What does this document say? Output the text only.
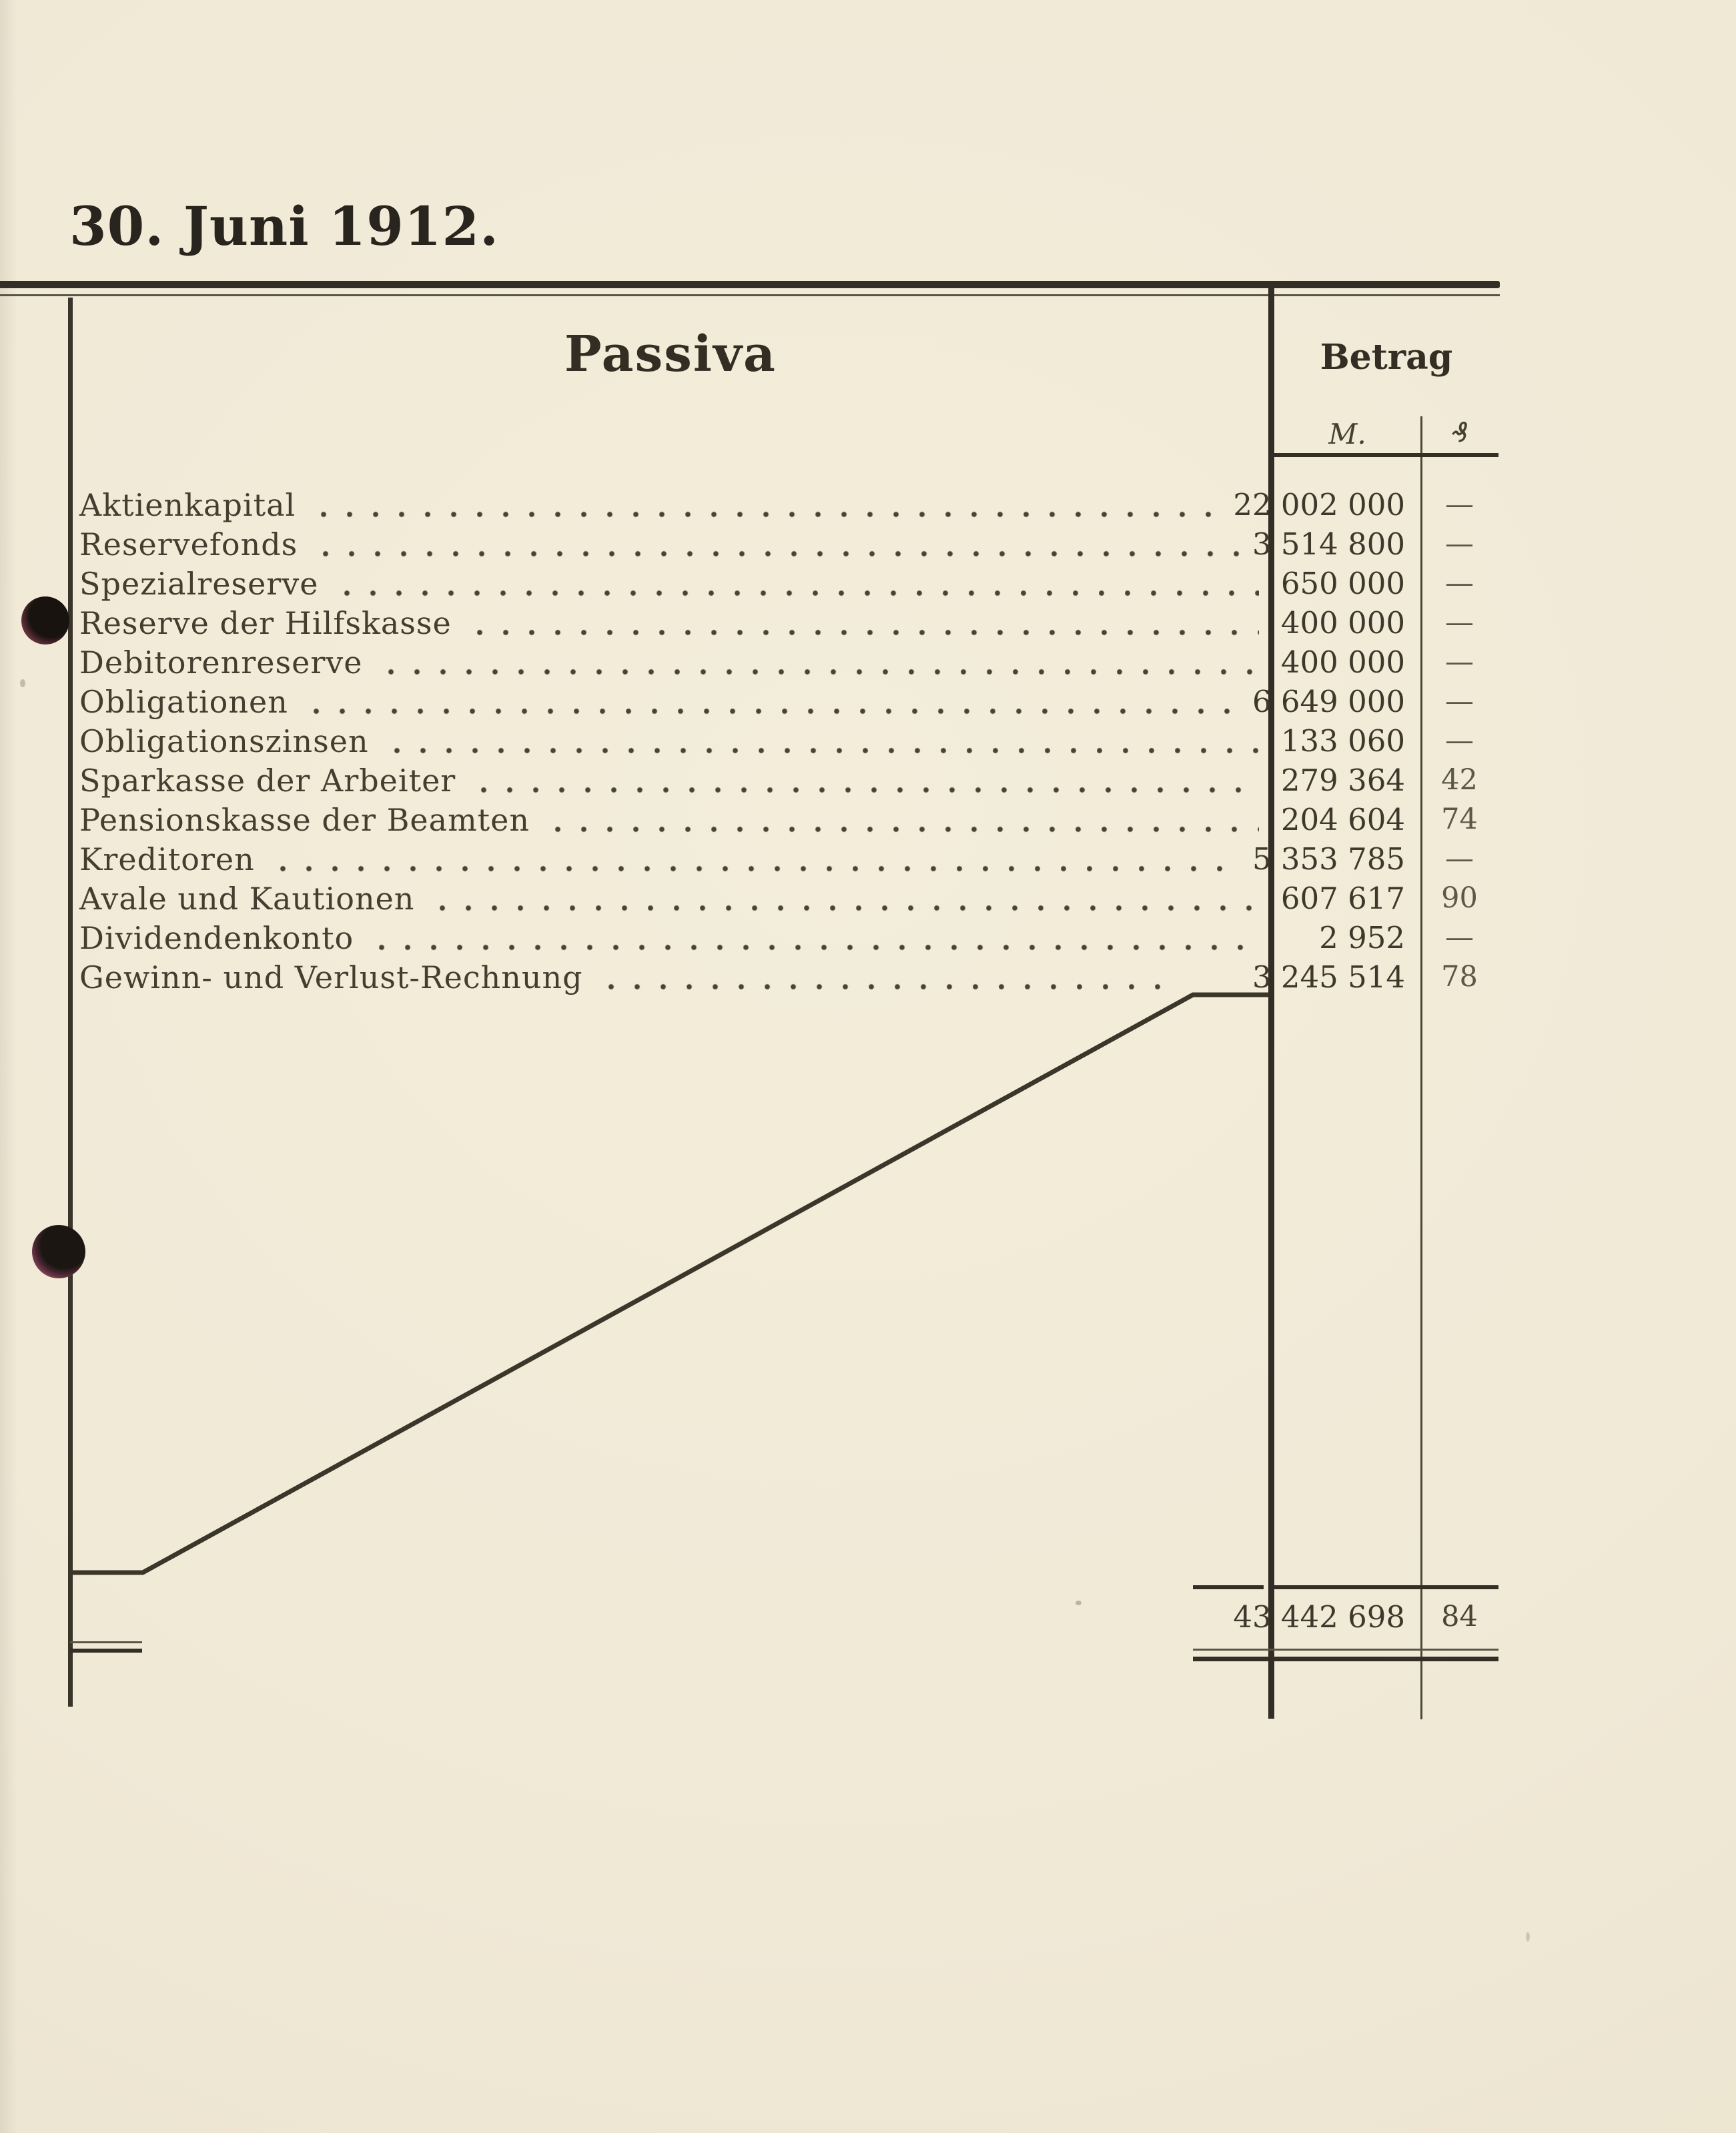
30. Juni 1912.
Passiva	Betrag
M.	₰
Aktienkapital	22 002 000	—
Reservefonds	3 514 800	—
Spezialreserve	650 000	—
Reserve der Hilfskasse	400 000	—
Debitorenreserve	400 000	—
Obligationen	6 649 000	—
Obligationszinsen	133 060	—
Sparkasse der Arbeiter	279 364	42
Pensionskasse der Beamten	204 604	74
Kreditoren	5 353 785	—
Avale und Kautionen	607 617	90
Dividendenkonto	2 952	—
Gewinn- und Verlust-Rechnung	3 245 514	78
43 442 698	84
